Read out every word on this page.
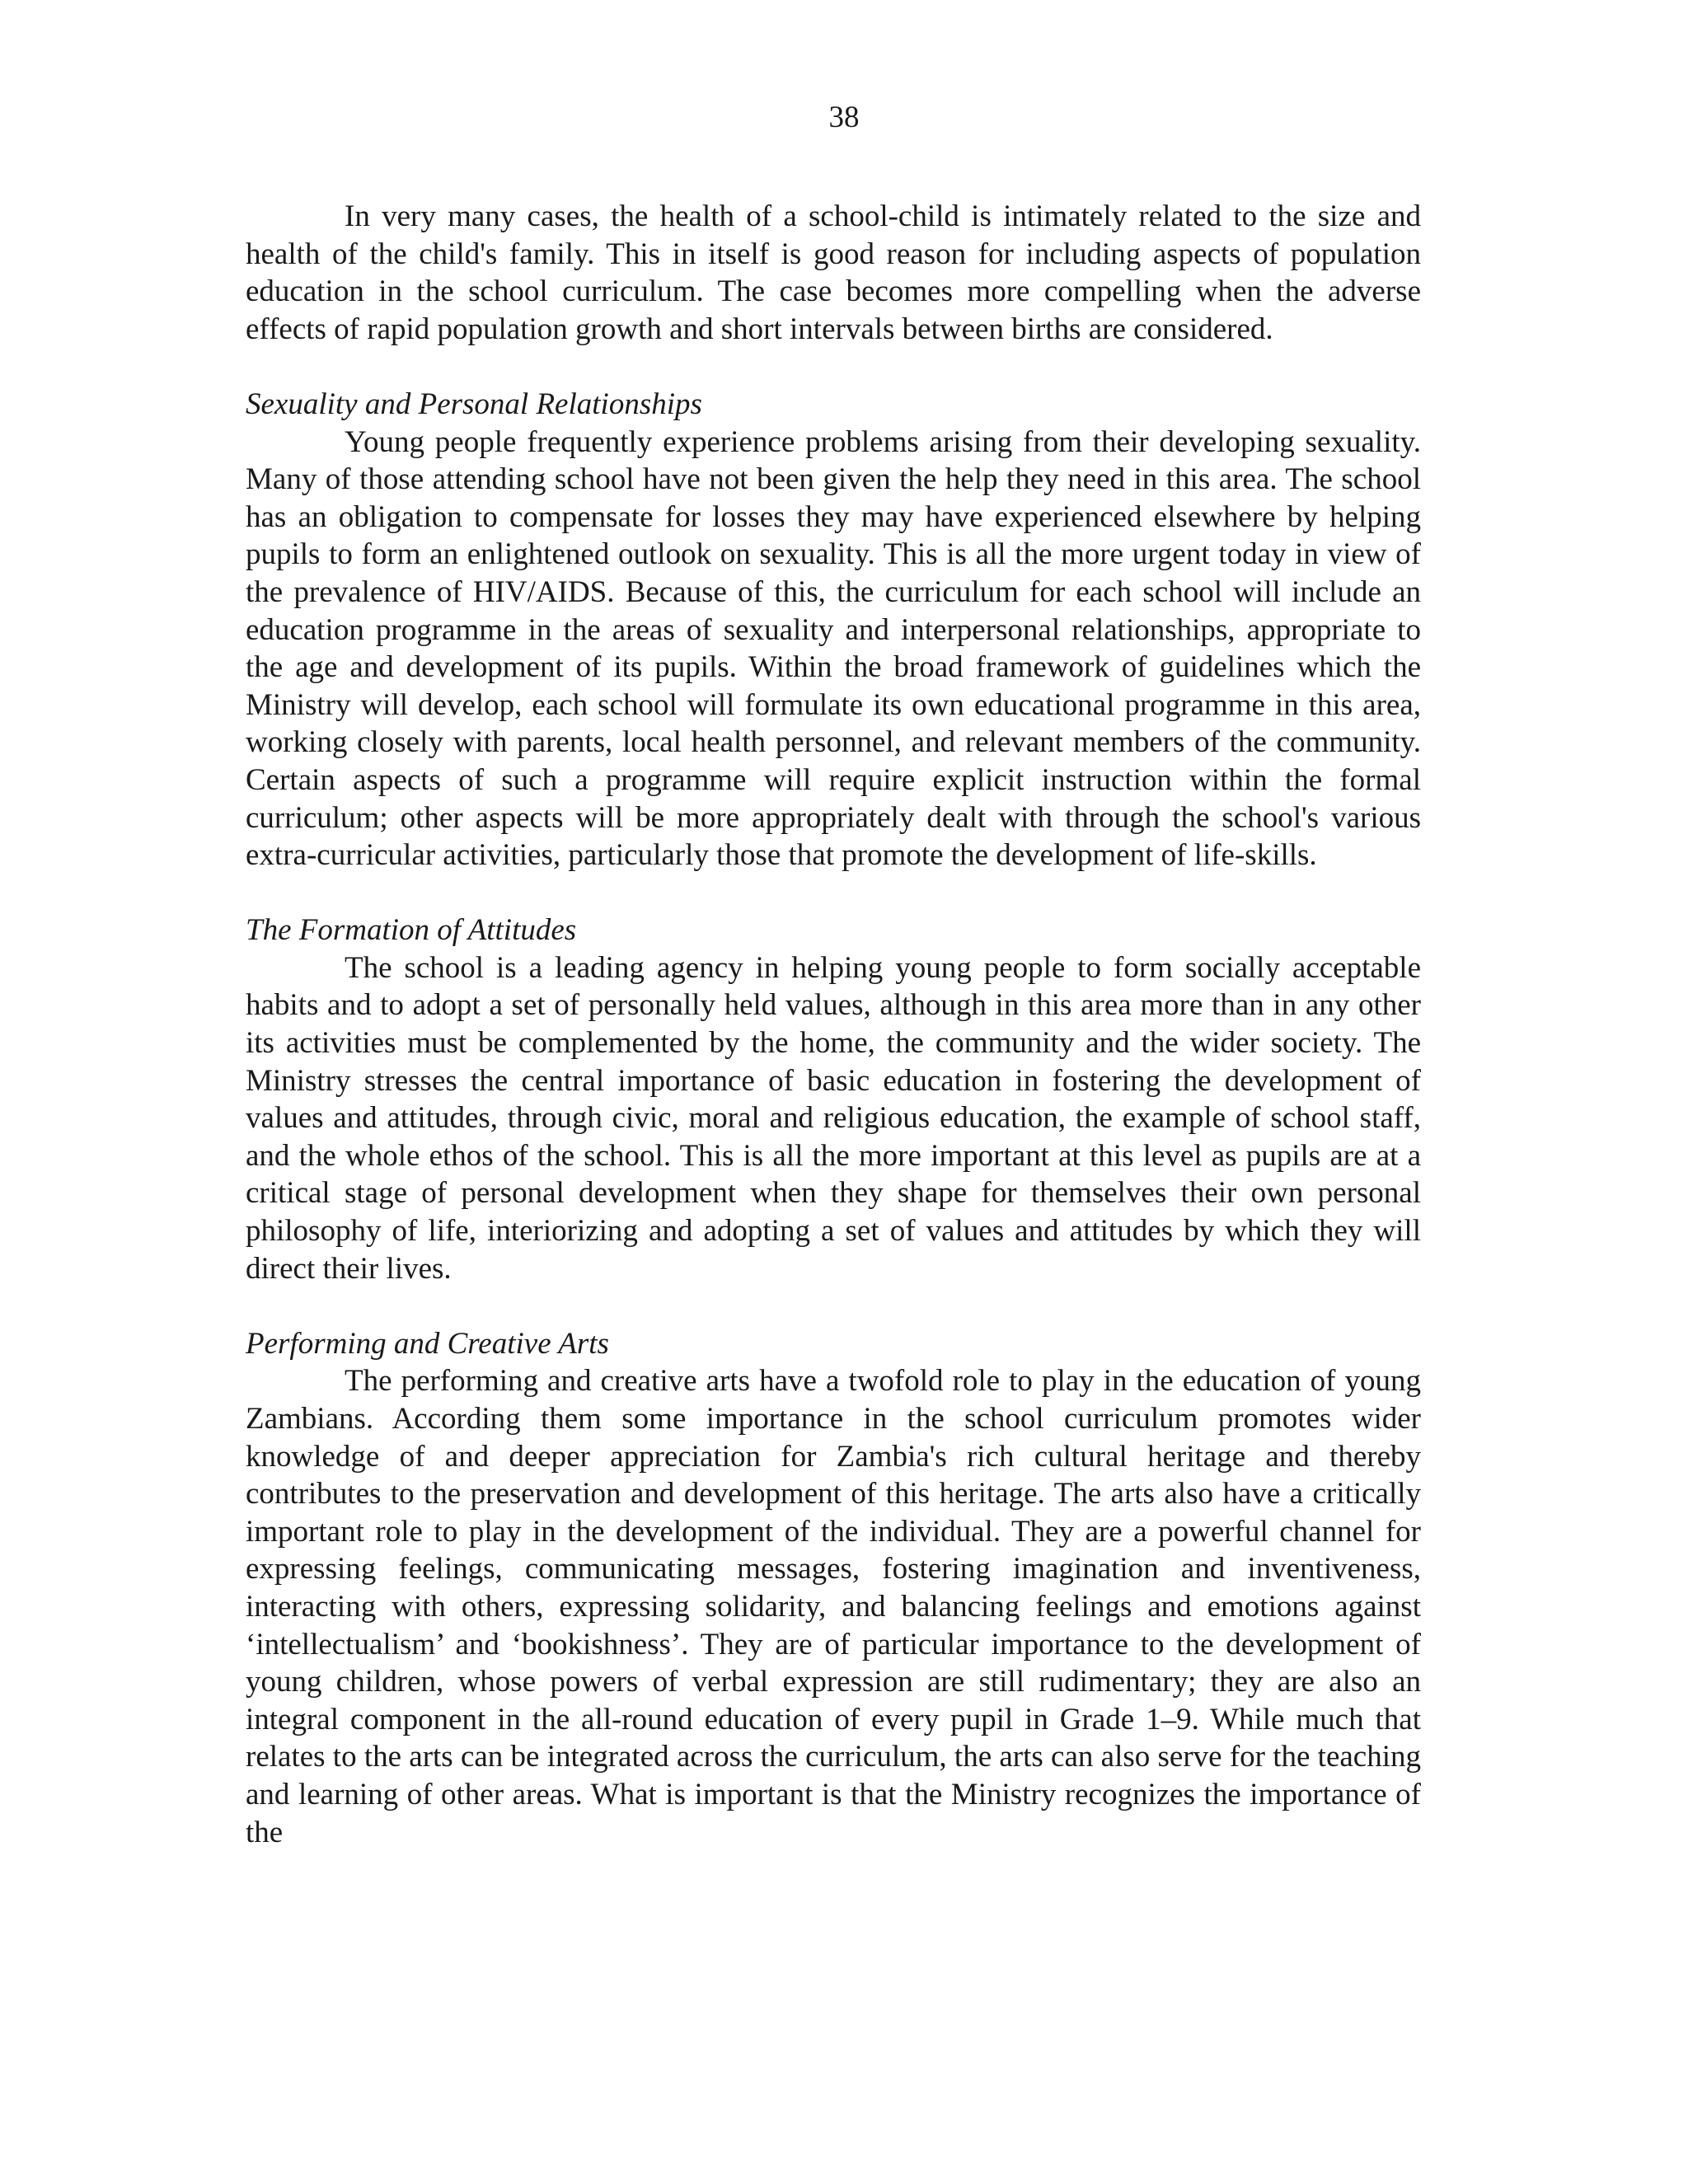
38

In very many cases, the health of a school-child is intimately related to the size and health of the child's family. This in itself is good reason for including aspects of population education in the school curriculum. The case becomes more compelling when the adverse effects of rapid population growth and short intervals between births are considered.

Sexuality and Personal Relationships

Young people frequently experience problems arising from their developing sexuality. Many of those attending school have not been given the help they need in this area. The school has an obligation to compensate for losses they may have experienced elsewhere by helping pupils to form an enlightened outlook on sexuality. This is all the more urgent today in view of the prevalence of HIV/AIDS. Because of this, the curriculum for each school will include an education programme in the areas of sexuality and interpersonal relationships, appropriate to the age and development of its pupils. Within the broad framework of guidelines which the Ministry will develop, each school will formulate its own educational programme in this area, working closely with parents, local health personnel, and relevant members of the community. Certain aspects of such a programme will require explicit instruction within the formal curriculum; other aspects will be more appropriately dealt with through the school's various extra-curricular activities, particularly those that promote the development of life-skills.

The Formation of Attitudes

The school is a leading agency in helping young people to form socially acceptable habits and to adopt a set of personally held values, although in this area more than in any other its activities must be complemented by the home, the community and the wider society. The Ministry stresses the central importance of basic education in fostering the development of values and attitudes, through civic, moral and religious education, the example of school staff, and the whole ethos of the school. This is all the more important at this level as pupils are at a critical stage of personal development when they shape for themselves their own personal philosophy of life, interiorizing and adopting a set of values and attitudes by which they will direct their lives.

Performing and Creative Arts

The performing and creative arts have a twofold role to play in the education of young Zambians. According them some importance in the school curriculum promotes wider knowledge of and deeper appreciation for Zambia's rich cultural heritage and thereby contributes to the preservation and development of this heritage. The arts also have a critically important role to play in the development of the individual. They are a powerful channel for expressing feelings, communicating messages, fostering imagination and inventiveness, interacting with others, expressing solidarity, and balancing feelings and emotions against ‘intellectualism’ and ‘bookishness’. They are of particular importance to the development of young children, whose powers of verbal expression are still rudimentary; they are also an integral component in the all-round education of every pupil in Grade 1–9. While much that relates to the arts can be integrated across the curriculum, the arts can also serve for the teaching and learning of other areas. What is important is that the Ministry recognizes the importance of the
